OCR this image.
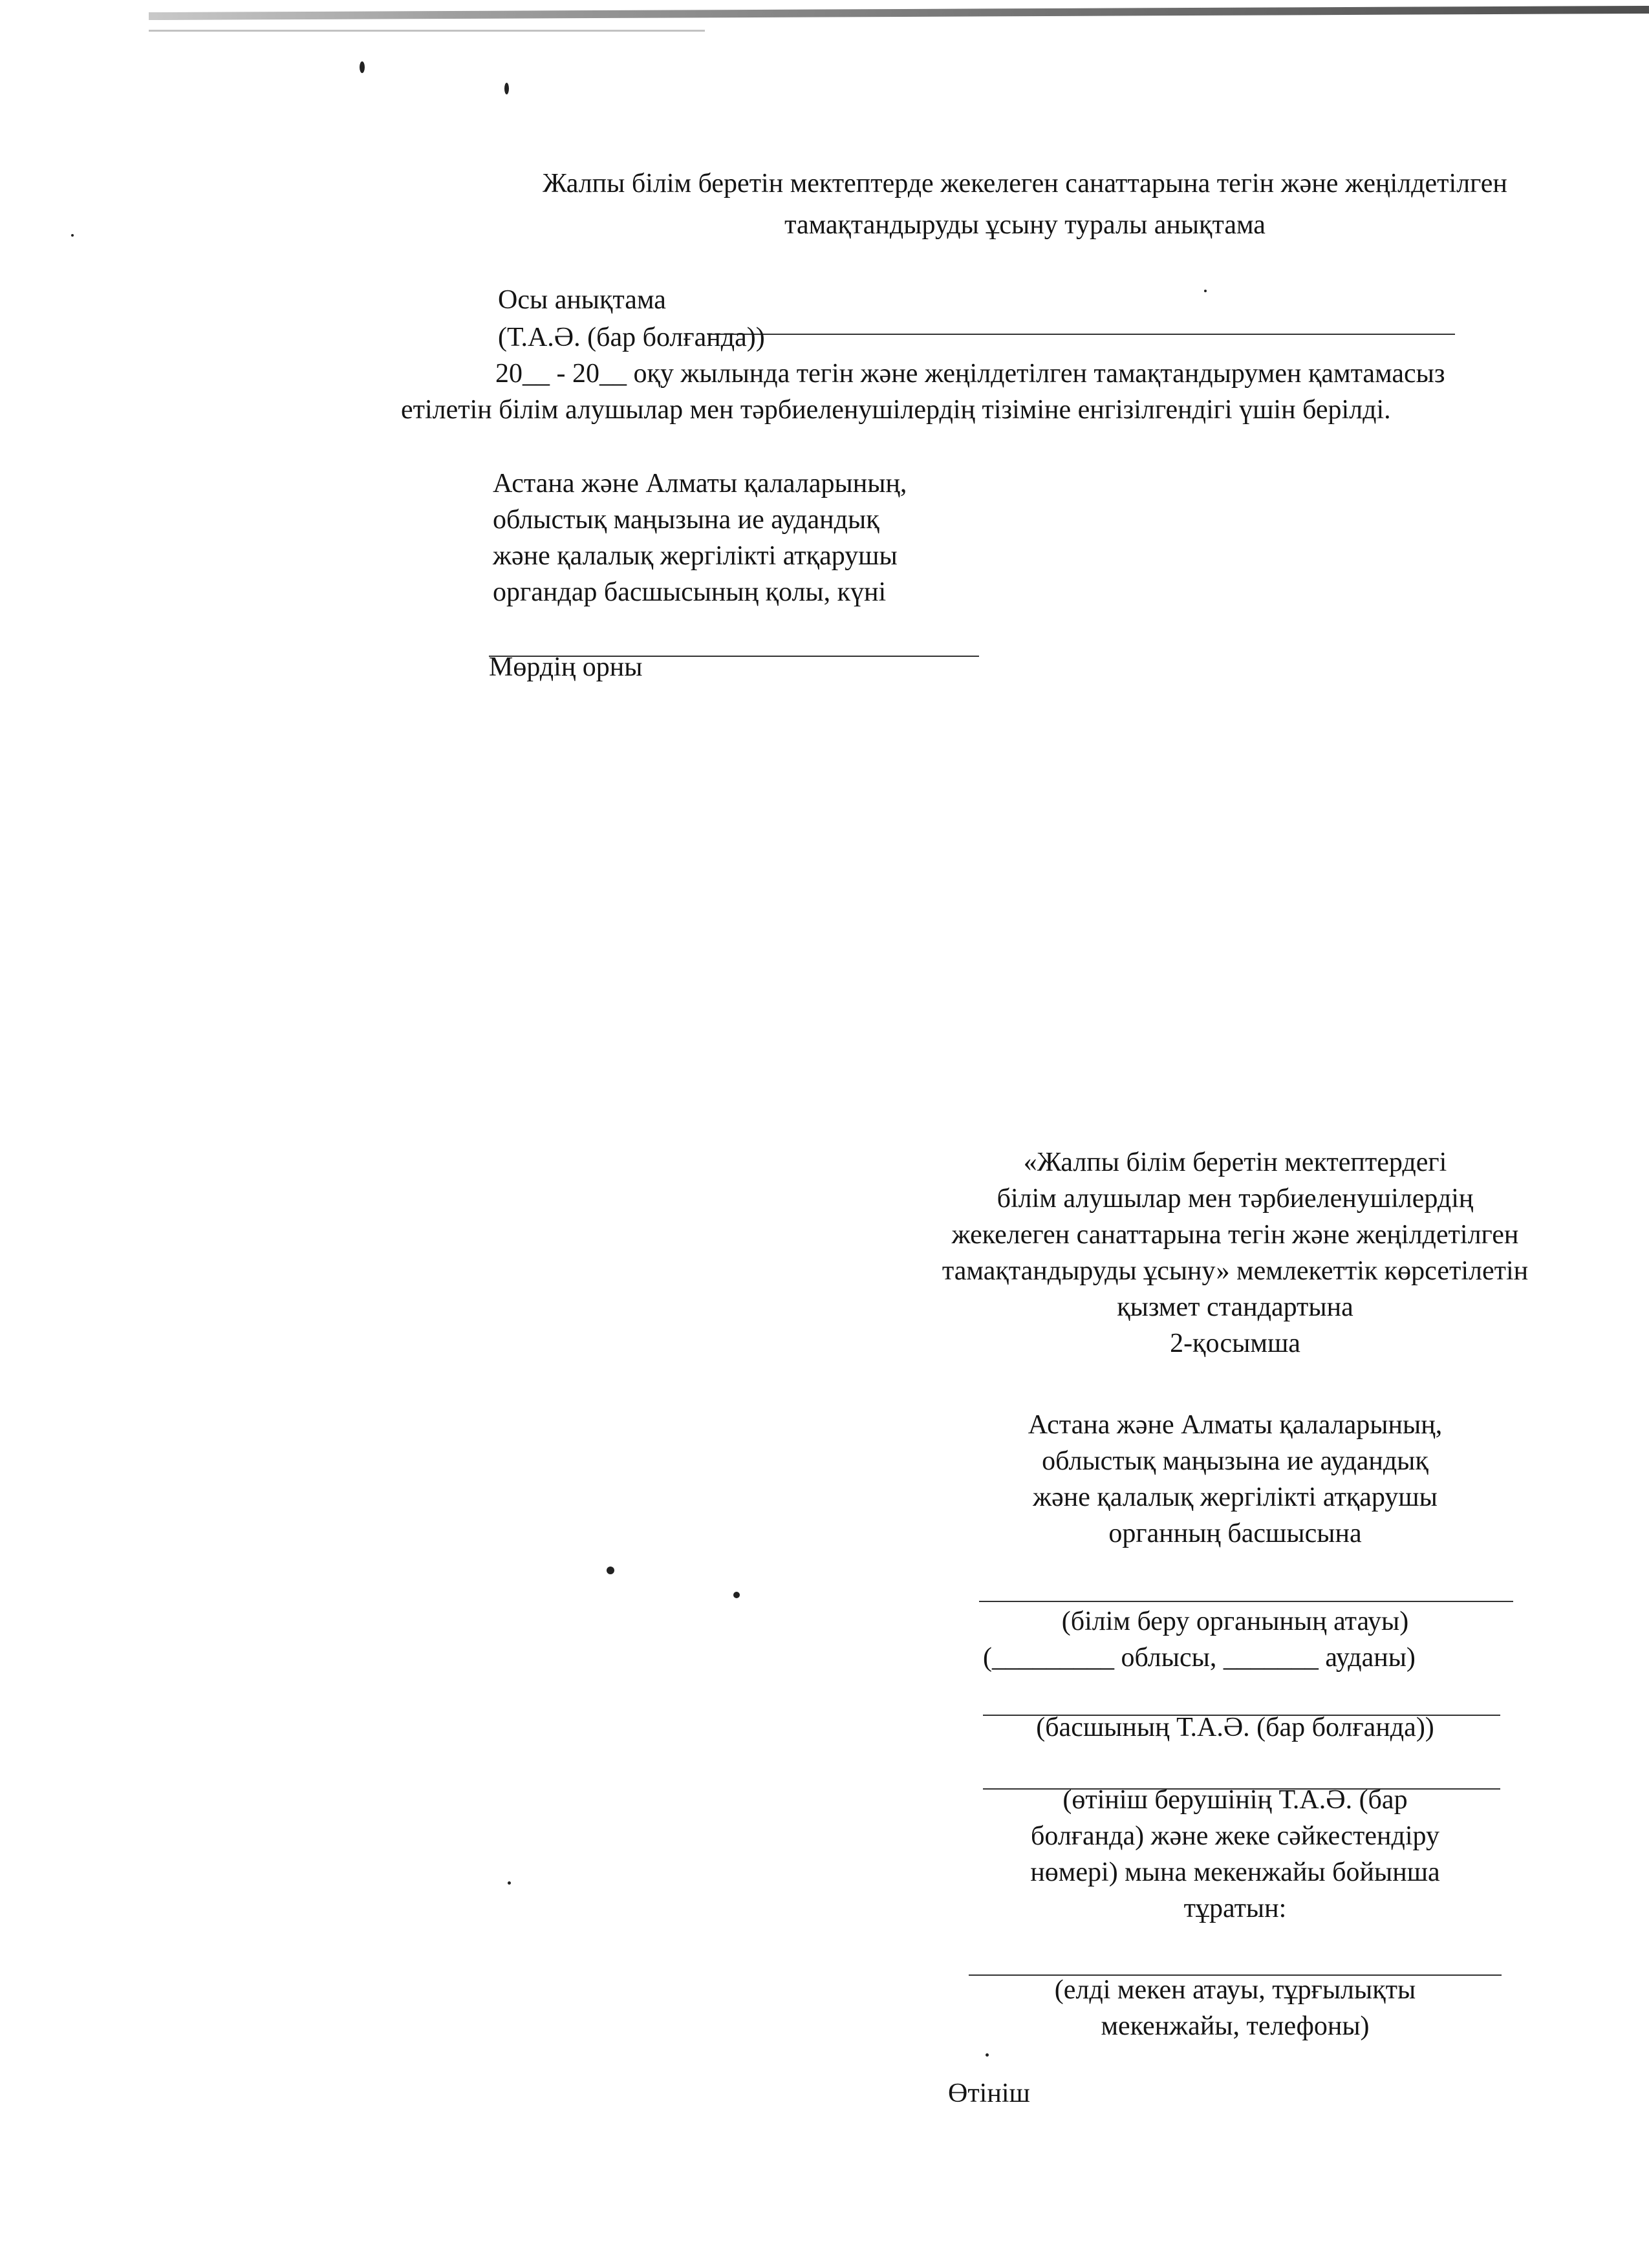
Жалпы білім беретін мектептерде жекелеген санаттарына тегін және жеңілдетілген
тамақтандыруды ұсыну туралы анықтама
Осы анықтама
(Т.А.Ә. (бар болғанда))
20__ - 20__ оқу жылында тегін және жеңілдетілген тамақтандырумен қамтамасыз
етілетін білім алушылар мен тәрбиеленушілердің тізіміне енгізілгендігі үшін берілді.
Астана және Алматы қалаларының,
облыстық маңызына ие аудандық
және қалалық жергілікті атқарушы
органдар басшысының қолы, күні
Мөрдің орны
«Жалпы білім беретін мектептердегі
білім алушылар мен тәрбиеленушілердің
жекелеген санаттарына тегін және жеңілдетілген
тамақтандыруды ұсыну» мемлекеттік көрсетілетін
қызмет стандартына
2-қосымша
Астана және Алматы қалаларының,
облыстық маңызына ие аудандық
және қалалық жергілікті атқарушы
органның басшысына
(білім беру органының атауы)
(_________ облысы, _______ ауданы)
(басшының Т.А.Ә. (бар болғанда))
(өтініш берушінің Т.А.Ә. (бар
болғанда) және жеке сәйкестендіру
нөмері) мына мекенжайы бойынша
тұратын:
(елді мекен атауы, тұрғылықты
мекенжайы, телефоны)
Өтініш
